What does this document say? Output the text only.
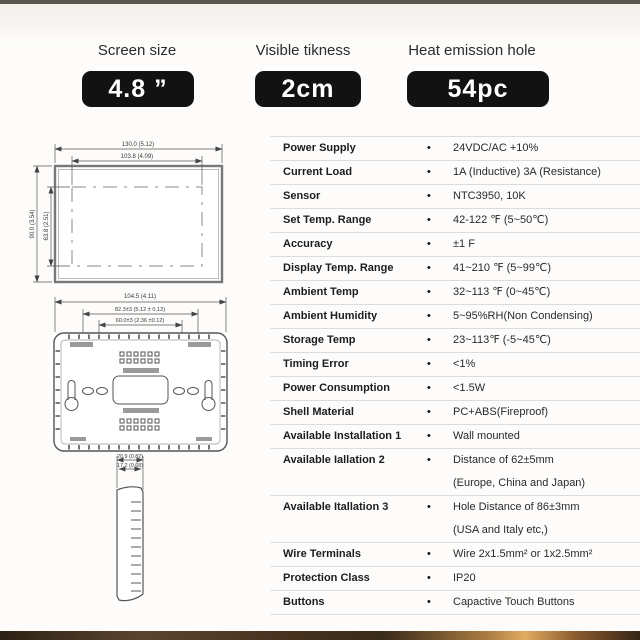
Screen size	Visible tikness	Heat emission hole
4.8 ”	2cm	54pc
130.0 (5.12)
103.8 (4.09)
90.0 (3.54) 63.8 (2.51)
104.5 (4.11)
82.3±3 (5.12 ± 0.12)
60.0±3 (2.36 ±0.12)
20.9 (0.82)
17.2 (0.68)
Power Supply	•	24VDC/AC +10%
Current Load	•	1A (Inductive) 3A (Resistance)
Sensor	•	NTC3950, 10K
Set Temp. Range	•	42-122 ℉ (5~50℃)
Accuracy	•	±1 F
Display Temp. Range	•	41~210 ℉ (5~99℃)
Ambient Temp	•	32~113 ℉ (0~45℃)
Ambient Humidity	•	5~95%RH(Non Condensing)
Storage Temp	•	23~113℉ (-5~45℃)
Timing Error	•	<1%
Power Consumption	•	<1.5W
Shell Material	•	PC+ABS(Fireproof)
Available Installation 1	•	Wall mounted
Available Iallation 2	•	Distance of 62±5mm
(Europe, China and Japan)
Available Itallation 3	•	Hole Distance of 86±3mm
(USA and Italy etc,)
Wire Terminals	•	Wire 2x1.5mm² or 1x2.5mm²
Protection Class	•	IP20
Buttons	•	Capactive Touch Buttons
